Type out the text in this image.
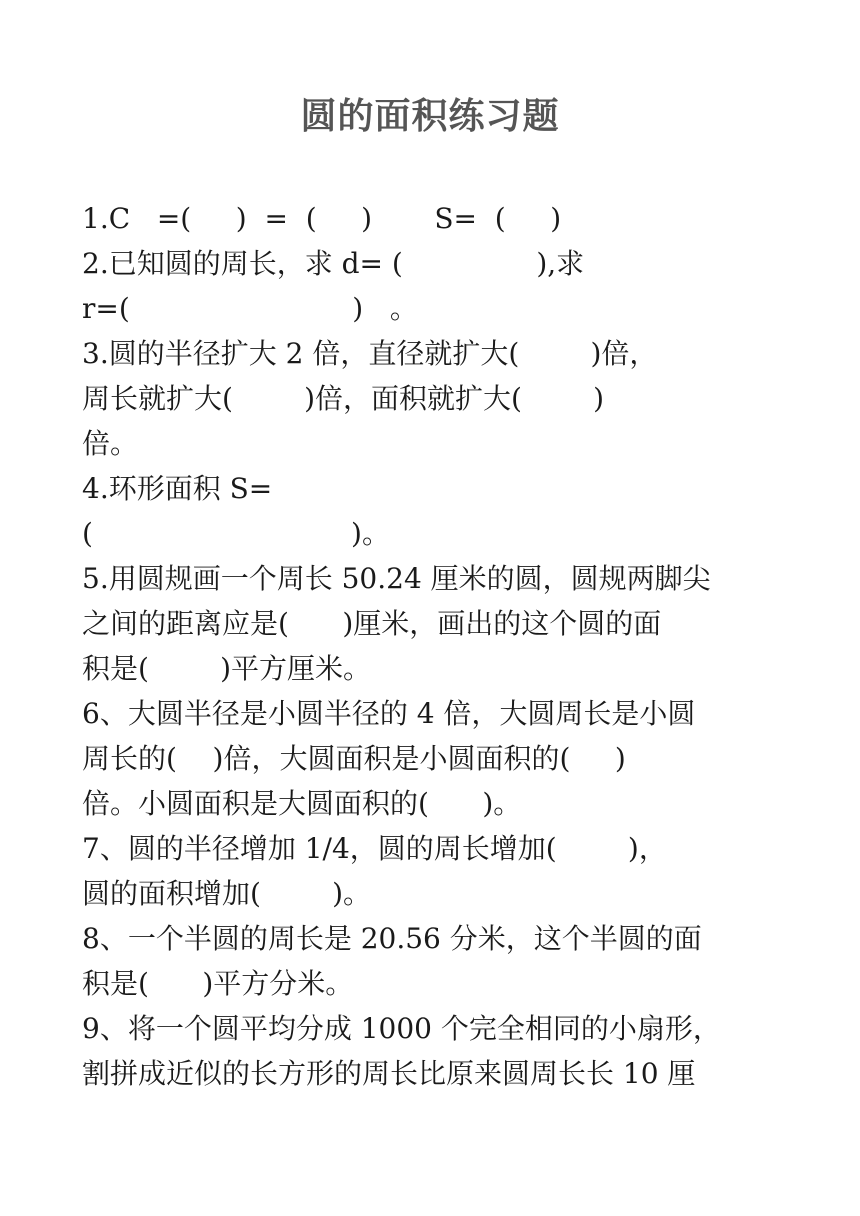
圆的面积练习题
1.C   =(     )  =  (     )       S=  (     )
2.已知圆的周长，求 d= (               ),求
r=(                         )   。
3.圆的半径扩大 2 倍，直径就扩大(        )倍，
周长就扩大(        )倍，面积就扩大(        )
倍。
4.环形面积 S=
(                             )。
5.用圆规画一个周长 50.24 厘米的圆，圆规两脚尖
之间的距离应是(      )厘米，画出的这个圆的面
积是(        )平方厘米。
6、大圆半径是小圆半径的 4 倍，大圆周长是小圆
周长的(    )倍，大圆面积是小圆面积的(     )
倍。小圆面积是大圆面积的(      )。
7、圆的半径增加 1/4，圆的周长增加(        )，
圆的面积增加(        )。
8、一个半圆的周长是 20.56 分米，这个半圆的面
积是(      )平方分米。
9、将一个圆平均分成 1000 个完全相同的小扇形，
割拼成近似的长方形的周长比原来圆周长长 10 厘
